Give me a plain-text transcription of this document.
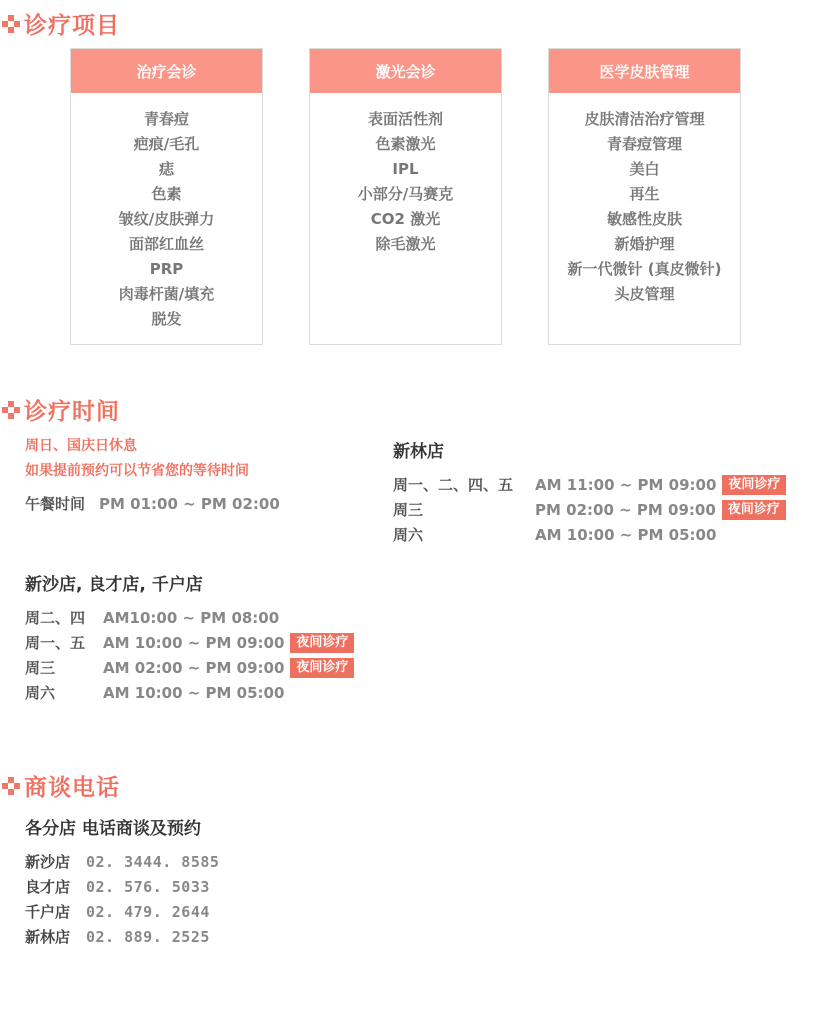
诊疗项目
治疗会诊
青春痘
疤痕/毛孔
痣
色素
皱纹/皮肤弹力
面部红血丝
PRP
肉毒杆菌/填充
脱发
激光会诊
表面活性剂
色素激光
IPL
小部分/马赛克
CO2 激光
除毛激光
医学皮肤管理
皮肤清洁治疗管理
青春痘管理
美白
再生
敏感性皮肤
新婚护理
新一代微针 (真皮微针)
头皮管理
诊疗时间
周日、国庆日休息
如果提前预约可以节省您的等待时间
午餐时间 PM 01:00 ~ PM 02:00
新林店
周一、二、四、五	AM 11:00 ~ PM 09:00 夜间诊疗
周三	PM 02:00 ~ PM 09:00 夜间诊疗
周六	AM 10:00 ~ PM 05:00
新沙店, 良才店, 千户店
周二、四	AM10:00 ~ PM 08:00
周一、五	AM 10:00 ~ PM 09:00 夜间诊疗
周三	AM 02:00 ~ PM 09:00 夜间诊疗
周六	AM 10:00 ~ PM 05:00
商谈电话
各分店 电话商谈及预约
新沙店	02. 3444. 8585
良才店	02. 576. 5033
千户店	02. 479. 2644
新林店	02. 889. 2525
